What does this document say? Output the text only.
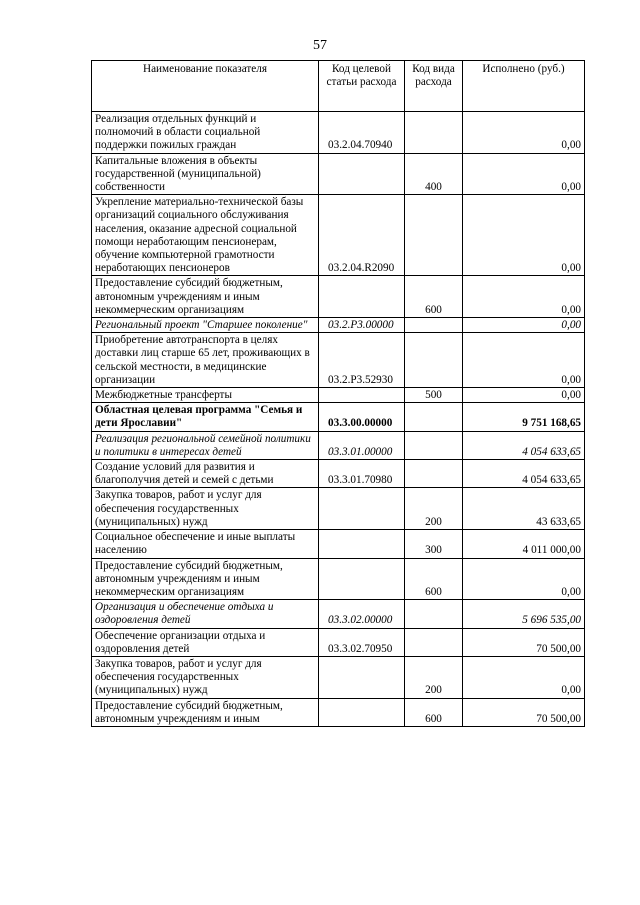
57
Наименование показателя	Код целевой статьи расхода	Код вида расхода	Исполнено (руб.)
Реализация отдельных функций и полномочий в области социальной поддержки пожилых граждан	03.2.04.70940		0,00
Капитальные вложения в объекты государственной (муниципальной) собственности		400	0,00
Укрепление материально-технической базы организаций социального обслуживания населения, оказание адресной социальной помощи неработающим пенсионерам, обучение компьютерной грамотности неработающих пенсионеров	03.2.04.R2090		0,00
Предоставление субсидий бюджетным, автономным учреждениям и иным некоммерческим организациям		600	0,00
Региональный проект "Старшее поколение"	03.2.P3.00000		0,00
Приобретение автотранспорта в целях доставки лиц старше 65 лет, проживающих в сельской местности, в медицинские организации	03.2.P3.52930		0,00
Межбюджетные трансферты		500	0,00
Областная целевая программа "Семья и дети Ярославии"	03.3.00.00000		9 751 168,65
Реализация региональной семейной политики и политики в интересах детей	03.3.01.00000		4 054 633,65
Создание условий для развития и благополучия детей и семей с детьми	03.3.01.70980		4 054 633,65
Закупка товаров, работ и услуг для обеспечения государственных (муниципальных) нужд		200	43 633,65
Социальное обеспечение и иные выплаты населению		300	4 011 000,00
Предоставление субсидий бюджетным, автономным учреждениям и иным некоммерческим организациям		600	0,00
Организация и обеспечение отдыха и оздоровления детей	03.3.02.00000		5 696 535,00
Обеспечение организации отдыха и оздоровления детей	03.3.02.70950		70 500,00
Закупка товаров, работ и услуг для обеспечения государственных (муниципальных) нужд		200	0,00
Предоставление субсидий бюджетным, автономным учреждениям и иным		600	70 500,00
